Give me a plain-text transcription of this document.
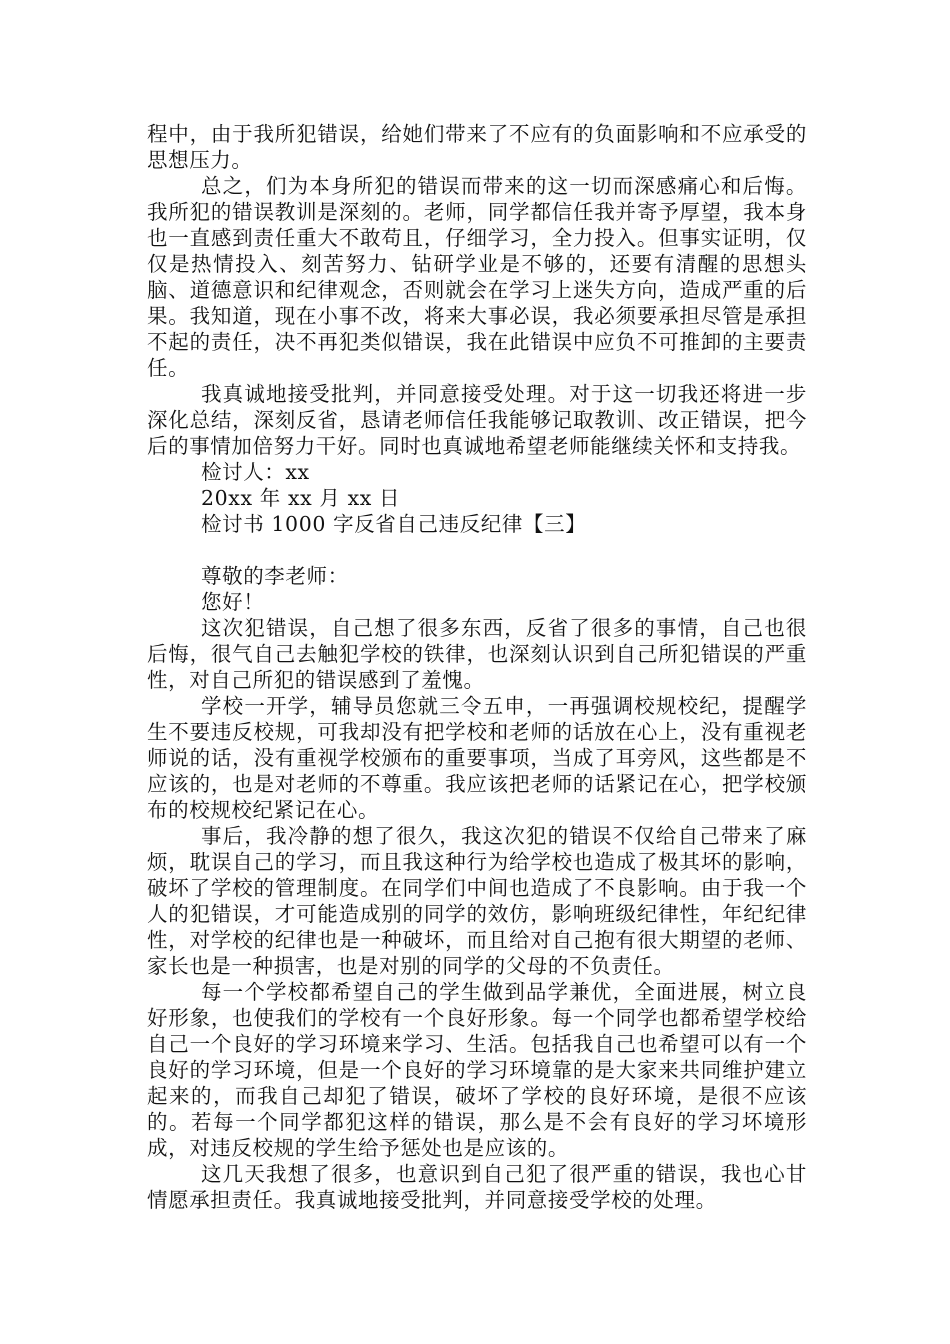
程中，由于我所犯错误，给她们带来了不应有的负面影响和不应承受的思想压力。

总之，们为本身所犯的错误而带来的这一切而深感痛心和后悔。我所犯的错误教训是深刻的。老师，同学都信任我并寄予厚望，我本身也一直感到责任重大不敢苟且，仔细学习，全力投入。但事实证明，仅仅是热情投入、刻苦努力、钻研学业是不够的，还要有清醒的思想头脑、道德意识和纪律观念，否则就会在学习上迷失方向，造成严重的后果。我知道，现在小事不改，将来大事必误，我必须要承担尽管是承担不起的责任，决不再犯类似错误，我在此错误中应负不可推卸的主要责任。

我真诚地接受批判，并同意接受处理。对于这一切我还将进一步深化总结，深刻反省，恳请老师信任我能够记取教训、改正错误，把今后的事情加倍努力干好。同时也真诚地希望老师能继续关怀和支持我。

检讨人：xx

20xx 年 xx 月 xx 日

检讨书 1000 字反省自己违反纪律【三】

尊敬的李老师：

您好！

这次犯错误，自己想了很多东西，反省了很多的事情，自己也很后悔，很气自己去触犯学校的铁律，也深刻认识到自己所犯错误的严重性，对自己所犯的错误感到了羞愧。

学校一开学，辅导员您就三令五申，一再强调校规校纪，提醒学生不要违反校规，可我却没有把学校和老师的话放在心上，没有重视老师说的话，没有重视学校颁布的重要事项，当成了耳旁风，这些都是不应该的，也是对老师的不尊重。我应该把老师的话紧记在心，把学校颁布的校规校纪紧记在心。

事后，我冷静的想了很久，我这次犯的错误不仅给自己带来了麻烦，耽误自己的学习，而且我这种行为给学校也造成了极其坏的影响，破坏了学校的管理制度。在同学们中间也造成了不良影响。由于我一个人的犯错误，才可能造成别的同学的效仿，影响班级纪律性，年纪纪律性，对学校的纪律也是一种破坏，而且给对自己抱有很大期望的老师、家长也是一种损害，也是对别的同学的父母的不负责任。

每一个学校都希望自己的学生做到品学兼优，全面进展，树立良好形象，也使我们的学校有一个良好形象。每一个同学也都希望学校给自己一个良好的学习环境来学习、生活。包括我自己也希望可以有一个良好的学习环境，但是一个良好的学习环境靠的是大家来共同维护建立起来的，而我自己却犯了错误，破坏了学校的良好环境，是很不应该的。若每一个同学都犯这样的错误，那么是不会有良好的学习坏境形成，对违反校规的学生给予惩处也是应该的。

这几天我想了很多，也意识到自己犯了很严重的错误，我也心甘情愿承担责任。我真诚地接受批判，并同意接受学校的处理。
